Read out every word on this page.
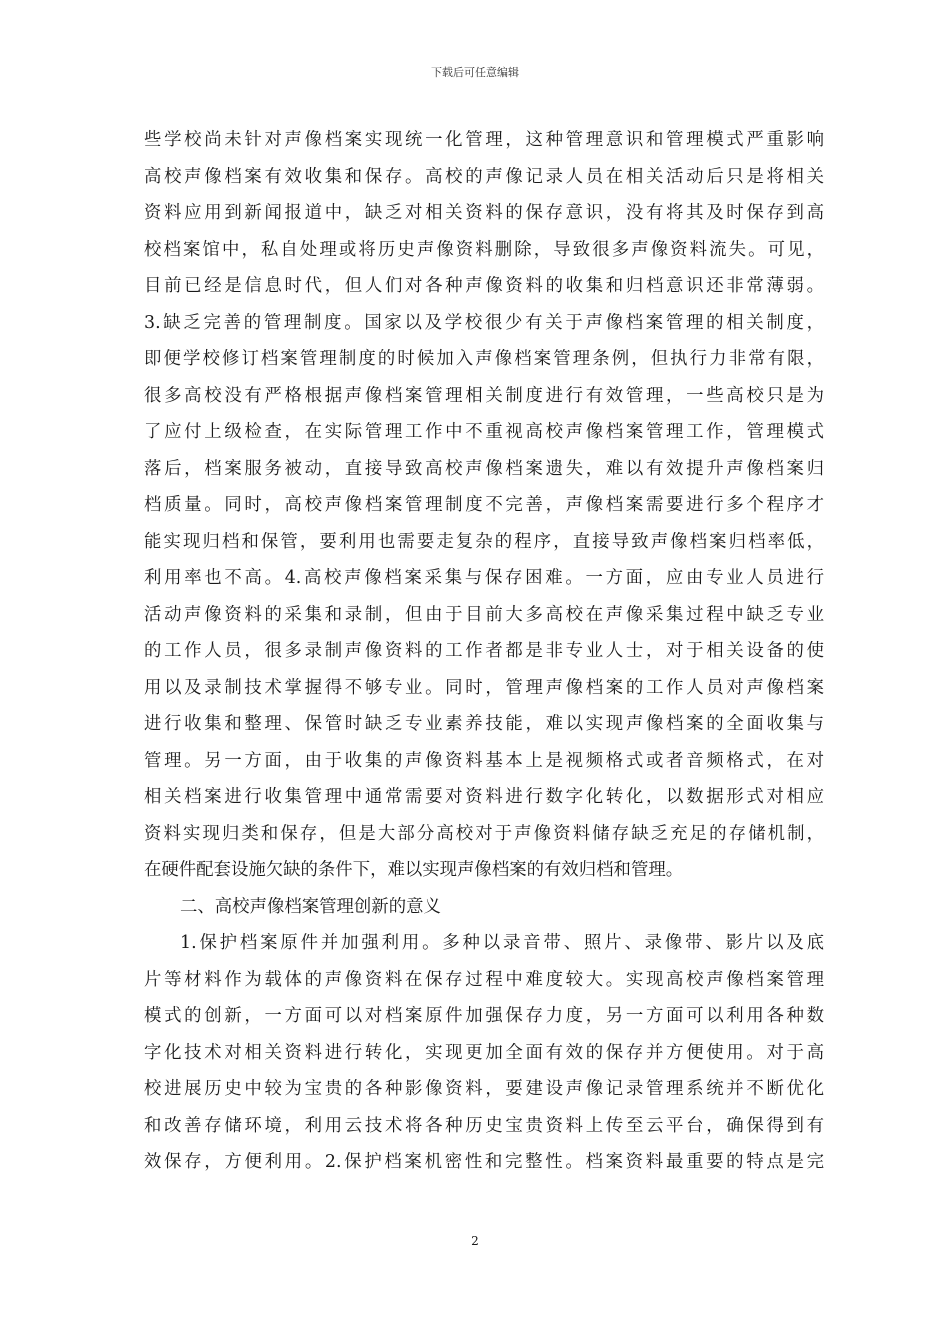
下载后可任意编辑
些学校尚未针对声像档案实现统一化管理，这种管理意识和管理模式严重影响
高校声像档案有效收集和保存。高校的声像记录人员在相关活动后只是将相关
资料应用到新闻报道中，缺乏对相关资料的保存意识，没有将其及时保存到高
校档案馆中，私自处理或将历史声像资料删除，导致很多声像资料流失。可见，
目前已经是信息时代，但人们对各种声像资料的收集和归档意识还非常薄弱。
3.缺乏完善的管理制度。国家以及学校很少有关于声像档案管理的相关制度，
即便学校修订档案管理制度的时候加入声像档案管理条例，但执行力非常有限，
很多高校没有严格根据声像档案管理相关制度进行有效管理，一些高校只是为
了应付上级检查，在实际管理工作中不重视高校声像档案管理工作，管理模式
落后，档案服务被动，直接导致高校声像档案遗失，难以有效提升声像档案归
档质量。同时，高校声像档案管理制度不完善，声像档案需要进行多个程序才
能实现归档和保管，要利用也需要走复杂的程序，直接导致声像档案归档率低，
利用率也不高。4.高校声像档案采集与保存困难。一方面，应由专业人员进行
活动声像资料的采集和录制，但由于目前大多高校在声像采集过程中缺乏专业
的工作人员，很多录制声像资料的工作者都是非专业人士，对于相关设备的使
用以及录制技术掌握得不够专业。同时，管理声像档案的工作人员对声像档案
进行收集和整理、保管时缺乏专业素养技能，难以实现声像档案的全面收集与
管理。另一方面，由于收集的声像资料基本上是视频格式或者音频格式，在对
相关档案进行收集管理中通常需要对资料进行数字化转化，以数据形式对相应
资料实现归类和保存，但是大部分高校对于声像资料储存缺乏充足的存储机制，
在硬件配套设施欠缺的条件下，难以实现声像档案的有效归档和管理。
二、高校声像档案管理创新的意义
1.保护档案原件并加强利用。多种以录音带、照片、录像带、影片以及底
片等材料作为载体的声像资料在保存过程中难度较大。实现高校声像档案管理
模式的创新，一方面可以对档案原件加强保存力度，另一方面可以利用各种数
字化技术对相关资料进行转化，实现更加全面有效的保存并方便使用。对于高
校进展历史中较为宝贵的各种影像资料，要建设声像记录管理系统并不断优化
和改善存储环境，利用云技术将各种历史宝贵资料上传至云平台，确保得到有
效保存，方便利用。2.保护档案机密性和完整性。档案资料最重要的特点是完
2
